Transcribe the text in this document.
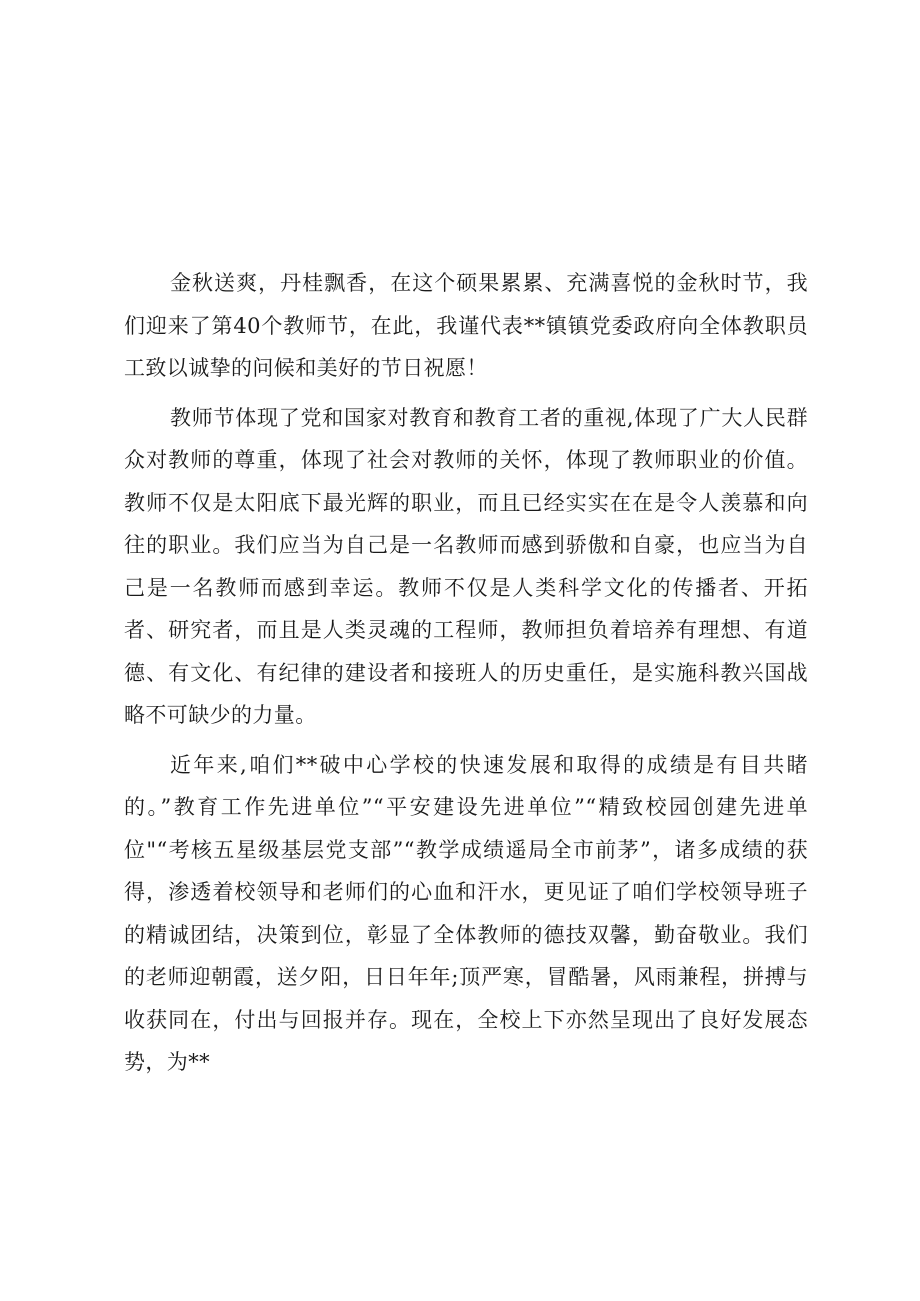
金秋送爽，丹桂飘香，在这个硕果累累、充满喜悦的金秋时节，我们迎来了第40个教师节，在此，我谨代表**镇镇党委政府向全体教职员工致以诚挚的问候和美好的节日祝愿！

教师节体现了党和国家对教育和教育工者的重视,体现了广大人民群众对教师的尊重，体现了社会对教师的关怀，体现了教师职业的价值。教师不仅是太阳底下最光辉的职业，而且已经实实在在是令人羡慕和向往的职业。我们应当为自己是一名教师而感到骄傲和自豪，也应当为自己是一名教师而感到幸运。教师不仅是人类科学文化的传播者、开拓者、研究者，而且是人类灵魂的工程师，教师担负着培养有理想、有道德、有文化、有纪律的建设者和接班人的历史重任，是实施科教兴国战略不可缺少的力量。

近年来,咱们**破中心学校的快速发展和取得的成绩是有目共睹的。”教育工作先进单位”“平安建设先进单位”“精致校园创建先进单位"“考核五星级基层党支部”“教学成绩遥局全市前茅”，诸多成绩的获得，渗透着校领导和老师们的心血和汗水，更见证了咱们学校领导班子的精诚团结，决策到位，彰显了全体教师的德技双馨，勤奋敬业。我们的老师迎朝霞，送夕阳，日日年年;顶严寒，冒酷暑，风雨兼程，拼搏与收获同在，付出与回报并存。现在，全校上下亦然呈现出了良好发展态势，为**
